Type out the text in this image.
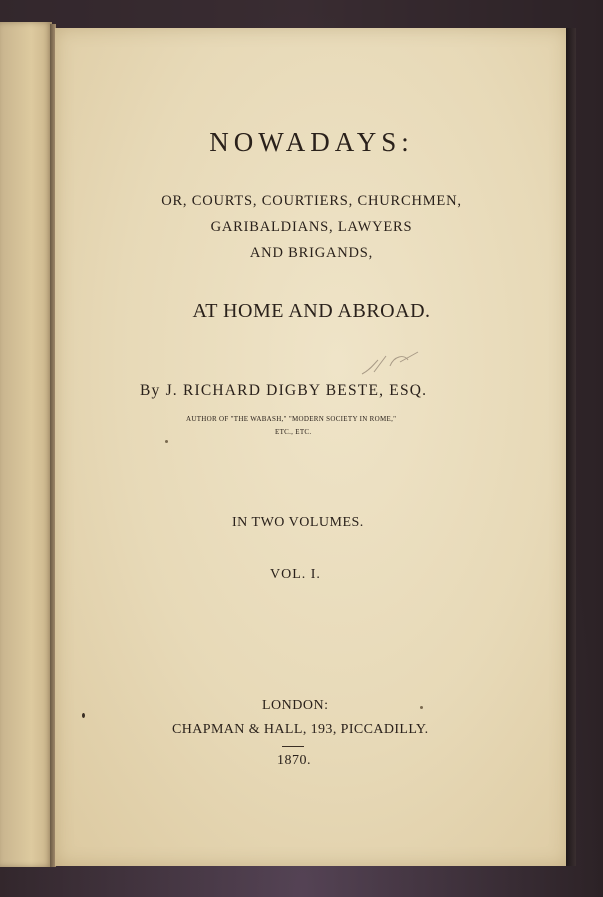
NOWADAYS:
OR, COURTS, COURTIERS, CHURCHMEN,
GARIBALDIANS, LAWYERS
AND BRIGANDS,
AT HOME AND ABROAD.
By J. RICHARD DIGBY BESTE, ESQ.
AUTHOR OF "THE WABASH," "MODERN SOCIETY IN ROME,"
ETC., ETC.
IN TWO VOLUMES.
VOL. I.
LONDON:
CHAPMAN & HALL, 193, PICCADILLY.
1870.
